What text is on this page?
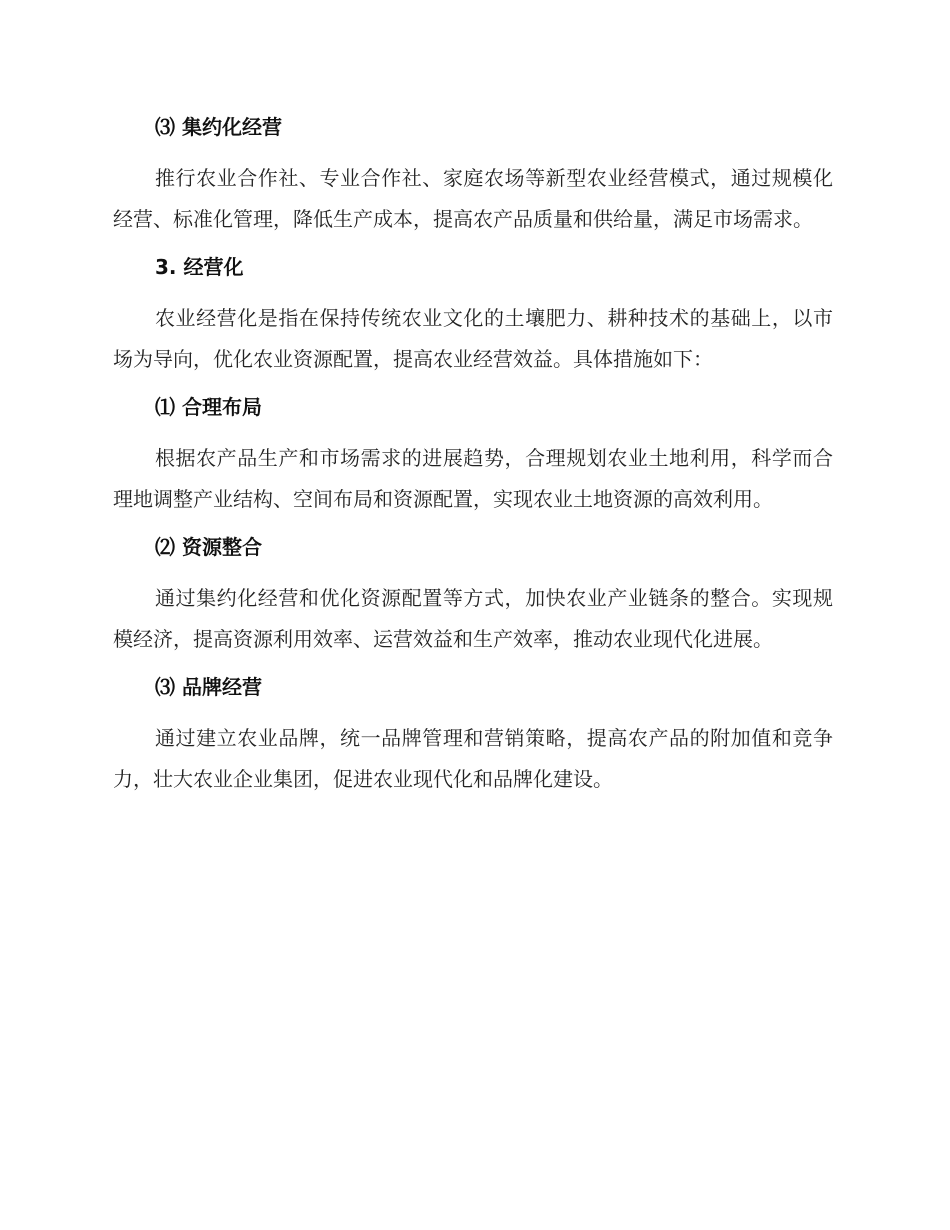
⑶ 集约化经营

推行农业合作社、专业合作社、家庭农场等新型农业经营模式，通过规模化经营、标准化管理，降低生产成本，提高农产品质量和供给量，满足市场需求。

3. 经营化

农业经营化是指在保持传统农业文化的土壤肥力、耕种技术的基础上，以市场为导向，优化农业资源配置，提高农业经营效益。具体措施如下：

⑴ 合理布局

根据农产品生产和市场需求的进展趋势，合理规划农业土地利用，科学而合理地调整产业结构、空间布局和资源配置，实现农业土地资源的高效利用。

⑵ 资源整合

通过集约化经营和优化资源配置等方式，加快农业产业链条的整合。实现规模经济，提高资源利用效率、运营效益和生产效率，推动农业现代化进展。

⑶ 品牌经营

通过建立农业品牌，统一品牌管理和营销策略，提高农产品的附加值和竞争力，壮大农业企业集团，促进农业现代化和品牌化建设。
